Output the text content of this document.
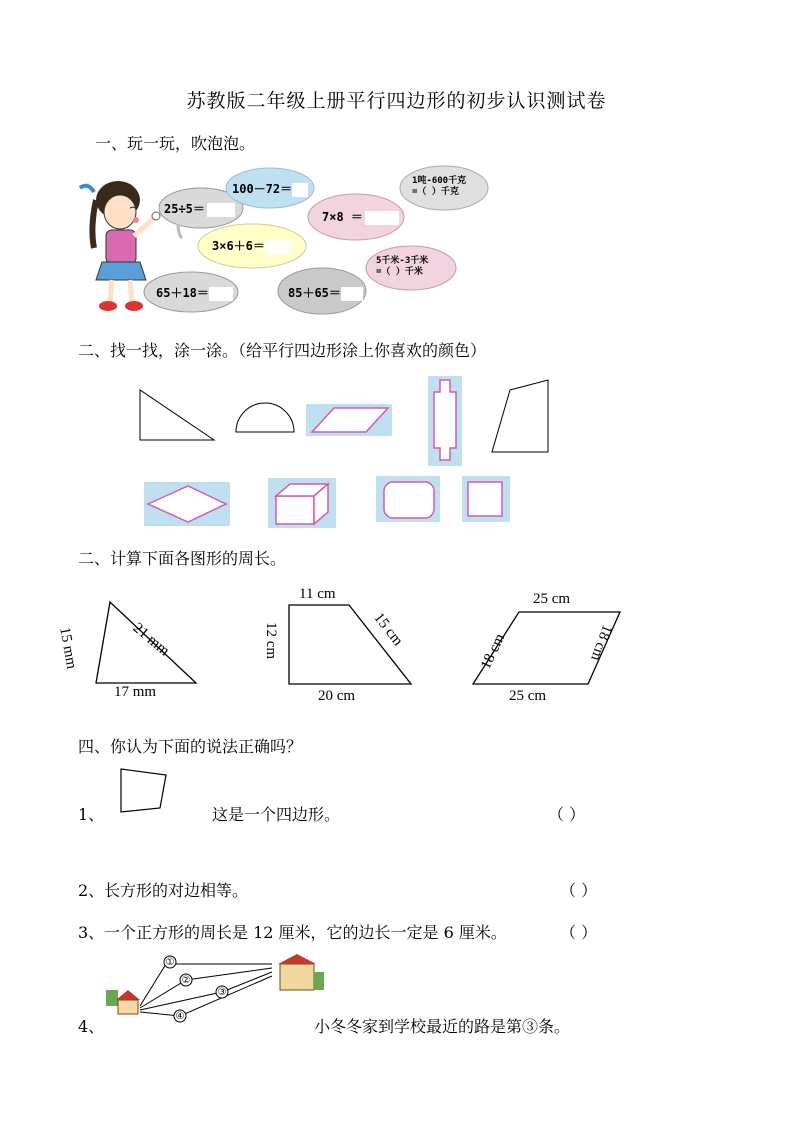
苏教版二年级上册平行四边形的初步认识测试卷
一、玩一玩，吹泡泡。
25÷5＝
100－72＝
1吨-600千克
=（ ）千克
7×8 ＝
3×6＋6＝
5千米-3千米
=（ ）千米
65＋18＝	85＋65＝
二、找一找，涂一涂。（给平行四边形涂上你喜欢的颜色）
二、计算下面各图形的周长。
15 mm	21 mm
17 mm
11 cm
12 cm	15 cm
20 cm
25 cm
18 cm	18 cm
25 cm
四、你认为下面的说法正确吗？
1、	这是一个四边形。	（ ）
2、 长方形的对边相等。	（ ）
3、 一个正方形的周长是 12 厘米，它的边长一定是 6 厘米。	（ ）
4、
①
②
③
④
小冬冬家到学校最近的路是第③条。
